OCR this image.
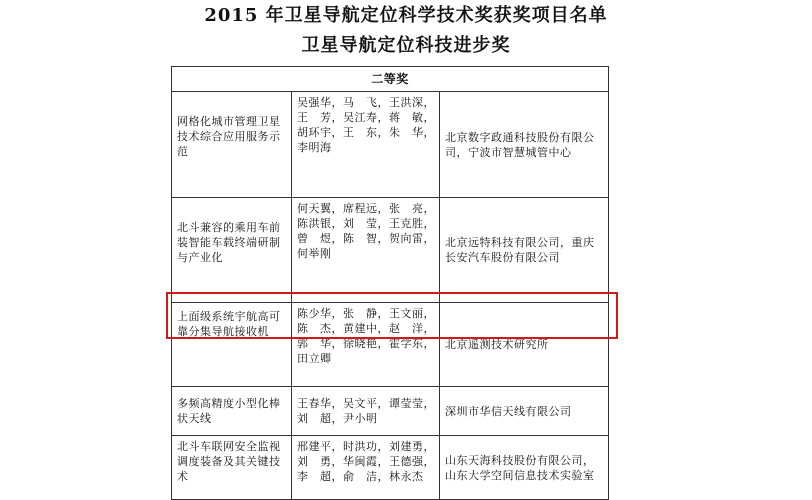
2015 年卫星导航定位科学技术奖获奖项目名单
卫星导航定位科技进步奖
二等奖		
网格化城市管理卫星技术综合应用服务示范	吴强华，马　飞，王洪深，
王　芳，吴江寿，蒋　敏，
胡环宇，王　东，朱　华，
李明海	北京数字政通科技股份有限公司，宁波市智慧城管中心
北斗兼容的乘用车前装智能车载终端研制与产业化	何天翼，席程远，张　亮，
陈洪银，刘　莹，王克胜，
曾　煜，陈　智，贺向雷，
何举刚	北京远特科技有限公司，重庆长安汽车股份有限公司
上面级系统宇航高可靠分集导航接收机	陈少华，张　静，王文丽，
陈　杰，黄建中，赵　洋，
郭　华，徐晓艳，霍学东，
田立卿	北京遥测技术研究所
多频高精度小型化棒状天线	王春华，吴文平，谭莹莹，
刘　超，尹小明	深圳市华信天线有限公司
北斗车联网安全监视调度装备及其关键技术	邢建平，时洪功，刘建勇，
刘　勇，华闽霞，王德强，
李　超，俞　洁，林永杰	山东天海科技股份有限公司，山东大学空间信息技术实验室
